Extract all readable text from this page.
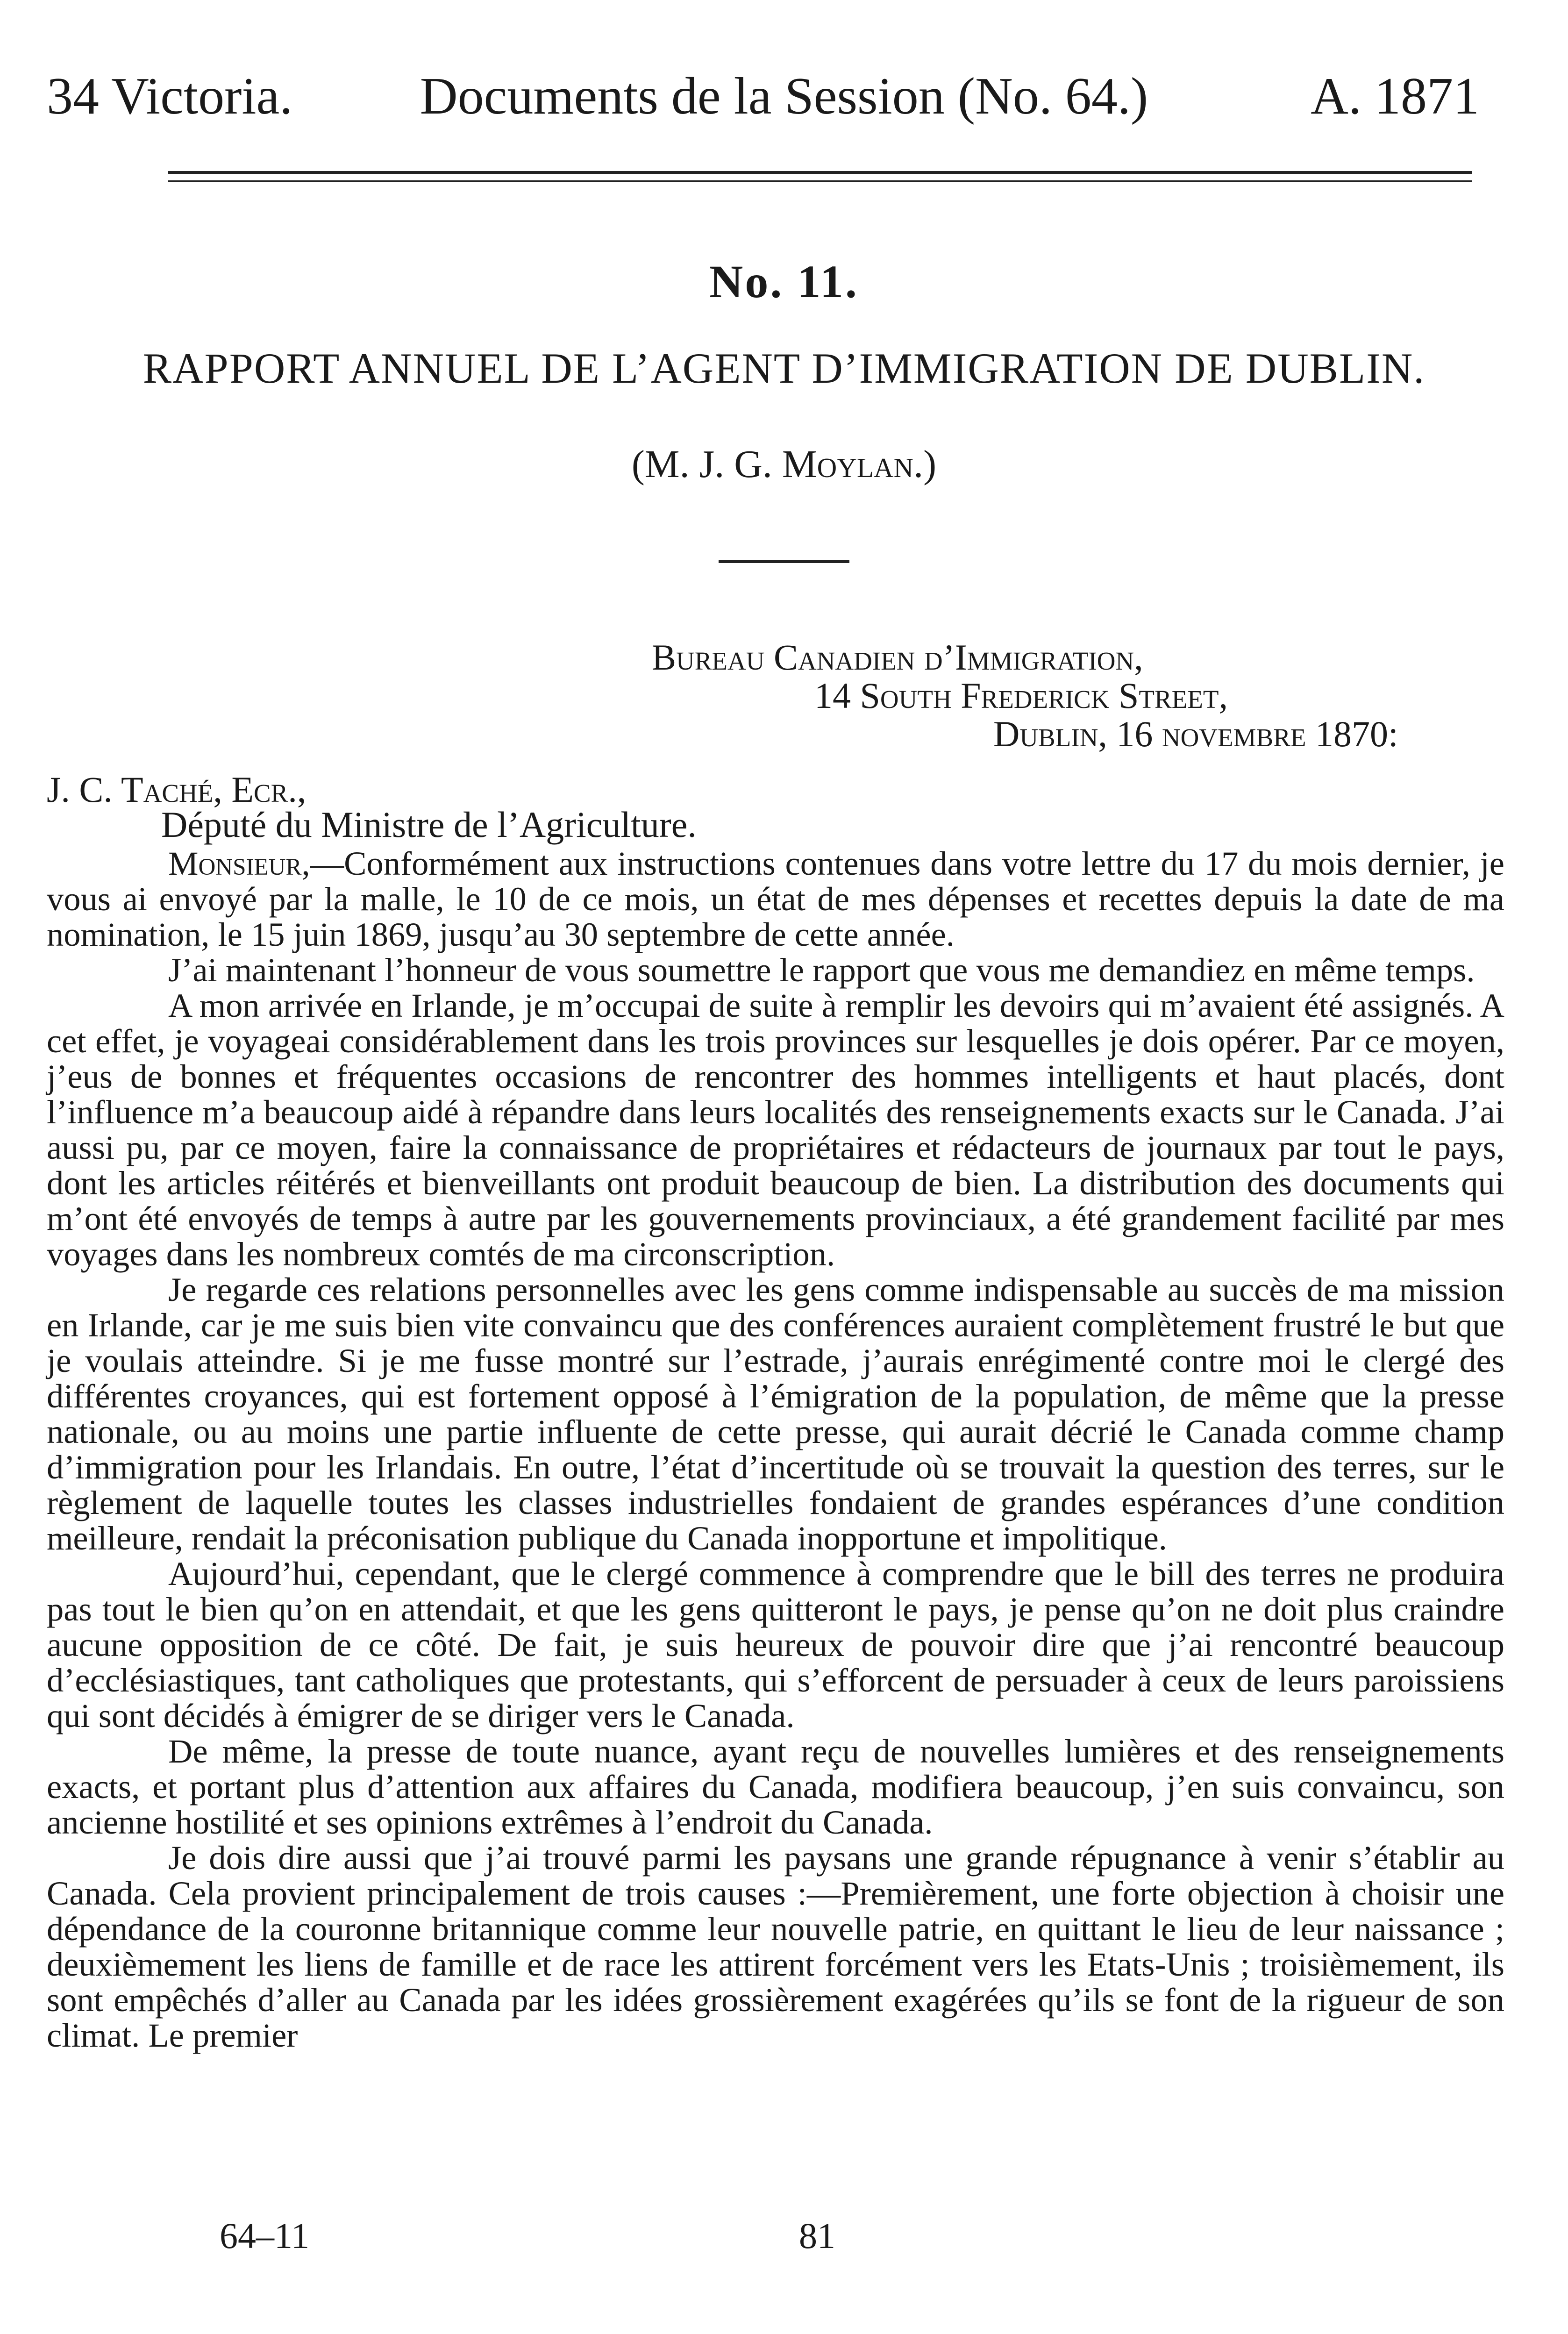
34 Victoria.	Documents de la Session (No. 64.)	A. 1871
No. 11.
RAPPORT ANNUEL DE L’AGENT D’IMMIGRATION DE DUBLIN.
(M. J. G. Moylan.)
Bureau Canadien d’Immigration,
14 South Frederick Street,
Dublin, 16 novembre 1870:
J. C. Taché, Ecr.,
Député du Ministre de l’Agriculture.

Monsieur,—Conformément aux instructions contenues dans votre lettre du 17 du mois dernier, je vous ai envoyé par la malle, le 10 de ce mois, un état de mes dépenses et recettes depuis la date de ma nomination, le 15 juin 1869, jusqu’au 30 septembre de cette année.

J’ai maintenant l’honneur de vous soumettre le rapport que vous me demandiez en même temps.

A mon arrivée en Irlande, je m’occupai de suite à remplir les devoirs qui m’avaient été assignés. A cet effet, je voyageai considérablement dans les trois provinces sur lesquelles je dois opérer. Par ce moyen, j’eus de bonnes et fréquentes occasions de rencontrer des hommes intelligents et haut placés, dont l’influence m’a beaucoup aidé à répandre dans leurs localités des renseignements exacts sur le Canada. J’ai aussi pu, par ce moyen, faire la connaissance de propriétaires et rédacteurs de journaux par tout le pays, dont les articles réitérés et bienveillants ont produit beaucoup de bien. La distribution des documents qui m’ont été envoyés de temps à autre par les gouvernements provinciaux, a été grandement facilité par mes voyages dans les nombreux comtés de ma circonscription.

Je regarde ces relations personnelles avec les gens comme indispensable au succès de ma mission en Irlande, car je me suis bien vite convaincu que des conférences auraient complètement frustré le but que je voulais atteindre. Si je me fusse montré sur l’estrade, j’aurais enrégimenté contre moi le clergé des différentes croyances, qui est fortement opposé à l’émigration de la population, de même que la presse nationale, ou au moins une partie influente de cette presse, qui aurait décrié le Canada comme champ d’immigration pour les Irlandais. En outre, l’état d’incertitude où se trouvait la question des terres, sur le règlement de laquelle toutes les classes industrielles fondaient de grandes espérances d’une condition meilleure, rendait la préconisation publique du Canada inopportune et impolitique.

Aujourd’hui, cependant, que le clergé commence à comprendre que le bill des terres ne produira pas tout le bien qu’on en attendait, et que les gens quitteront le pays, je pense qu’on ne doit plus craindre aucune opposition de ce côté. De fait, je suis heureux de pouvoir dire que j’ai rencontré beaucoup d’ecclésiastiques, tant catholiques que protestants, qui s’efforcent de persuader à ceux de leurs paroissiens qui sont décidés à émigrer de se diriger vers le Canada.

De même, la presse de toute nuance, ayant reçu de nouvelles lumières et des renseignements exacts, et portant plus d’attention aux affaires du Canada, modifiera beaucoup, j’en suis convaincu, son ancienne hostilité et ses opinions extrêmes à l’endroit du Canada.

Je dois dire aussi que j’ai trouvé parmi les paysans une grande répugnance à venir s’établir au Canada. Cela provient principalement de trois causes :—Premièrement, une forte objection à choisir une dépendance de la couronne britannique comme leur nouvelle patrie, en quittant le lieu de leur naissance ; deuxièmement les liens de famille et de race les attirent forcément vers les Etats-Unis ; troisièmement, ils sont empêchés d’aller au Canada par les idées grossièrement exagérées qu’ils se font de la rigueur de son climat. Le premier

64–11	81
